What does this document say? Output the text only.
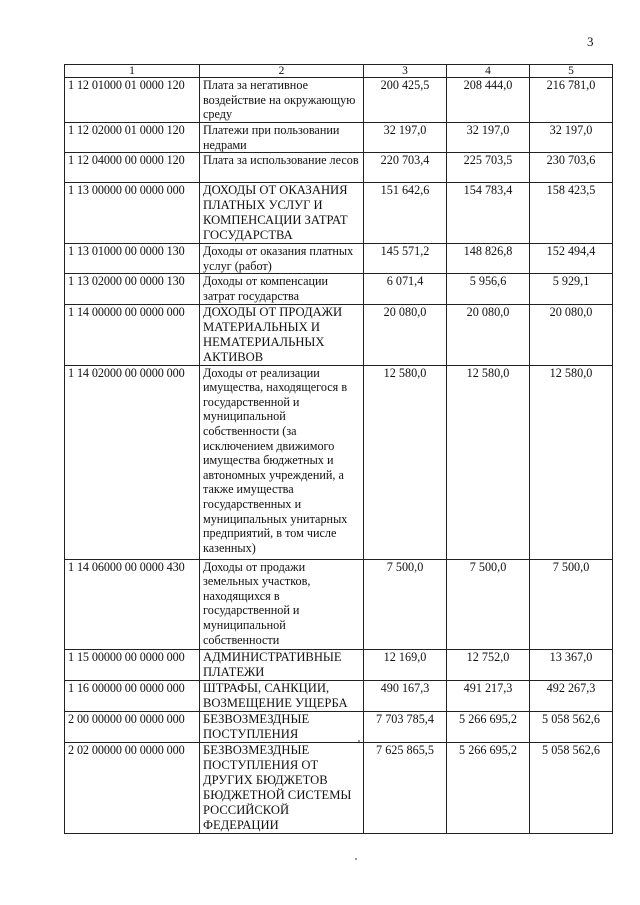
3
1	2	3	4	5
1 12 01000 01 0000 120	Плата за негативное воздействие на окружающую среду	200 425,5	208 444,0	216 781,0
1 12 02000 01 0000 120	Платежи при пользовании недрами	32 197,0	32 197,0	32 197,0
1 12 04000 00 0000 120	Плата за использование лесов	220 703,4	225 703,5	230 703,6
1 13 00000 00 0000 000	ДОХОДЫ ОТ ОКАЗАНИЯ ПЛАТНЫХ УСЛУГ И КОМПЕНСАЦИИ ЗАТРАТ ГОСУДАРСТВА	151 642,6	154 783,4	158 423,5
1 13 01000 00 0000 130	Доходы от оказания платных услуг (работ)	145 571,2	148 826,8	152 494,4
1 13 02000 00 0000 130	Доходы от компенсации затрат государства	6 071,4	5 956,6	5 929,1
1 14 00000 00 0000 000	ДОХОДЫ ОТ ПРОДАЖИ МАТЕРИАЛЬНЫХ И НЕМАТЕРИАЛЬНЫХ АКТИВОВ	20 080,0	20 080,0	20 080,0
1 14 02000 00 0000 000	Доходы от реализации имущества, находящегося в государственной и муниципальной собственности (за исключением движимого имущества бюджетных и автономных учреждений, а также имущества государственных и муниципальных унитарных предприятий, в том числе казенных)	12 580,0	12 580,0	12 580,0
1 14 06000 00 0000 430	Доходы от продажи земельных участков, находящихся в государственной и муниципальной собственности	7 500,0	7 500,0	7 500,0
1 15 00000 00 0000 000	АДМИНИСТРАТИВНЫЕ ПЛАТЕЖИ	12 169,0	12 752,0	13 367,0
1 16 00000 00 0000 000	ШТРАФЫ, САНКЦИИ, ВОЗМЕЩЕНИЕ УЩЕРБА	490 167,3	491 217,3	492 267,3
2 00 00000 00 0000 000	БЕЗВОЗМЕЗДНЫЕ ПОСТУПЛЕНИЯ	7 703 785,4	5 266 695,2	5 058 562,6
2 02 00000 00 0000 000	БЕЗВОЗМЕЗДНЫЕ ПОСТУПЛЕНИЯ ОТ ДРУГИХ БЮДЖЕТОВ БЮДЖЕТНОЙ СИСТЕМЫ РОССИЙСКОЙ ФЕДЕРАЦИИ	7 625 865,5	5 266 695,2	5 058 562,6
